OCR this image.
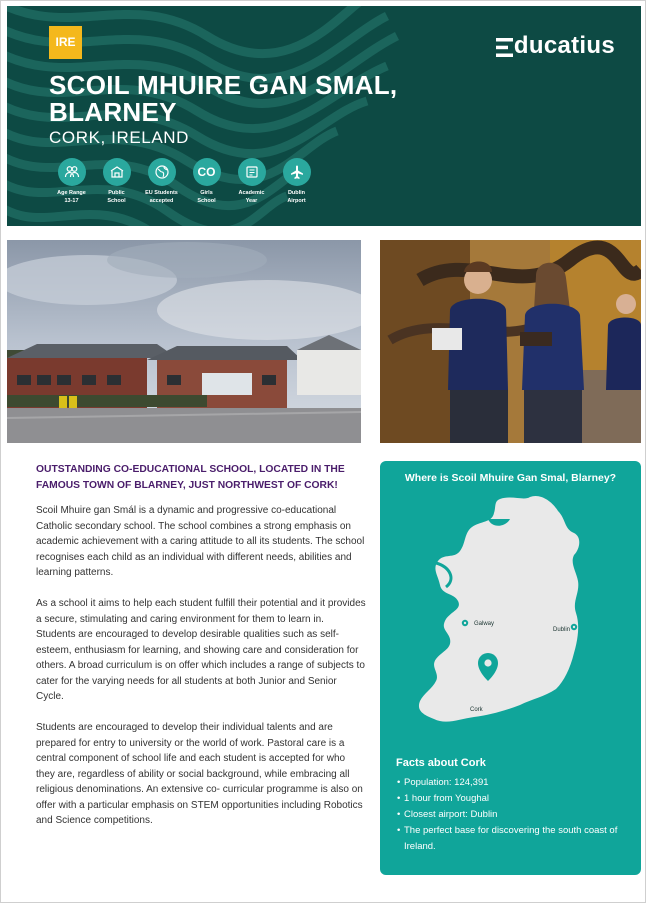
IRE
SCOIL MHUIRE GAN SMAL, BLARNEY
CORK, IRELAND
ducatius
Age Range
13-17
Public
School
EU Students
accepted
CO
Girls
School
Academic
Year
Dublin
Airport
OUTSTANDING CO-EDUCATIONAL SCHOOL, LOCATED IN THE FAMOUS TOWN OF BLARNEY, JUST NORTHWEST OF CORK!

Scoil Mhuire gan Smál is a dynamic and progressive co-educational Catholic secondary school. The school combines a strong emphasis on academic achievement with a caring attitude to all its students. The school recognises each child as an individual with different needs, abilities and learning patterns.

As a school it aims to help each student fulfill their potential and it provides a secure, stimulating and caring environment for them to learn in. Students are encouraged to develop desirable qualities such as self- esteem, enthusiasm for learning, and showing care and consideration for others. A broad curriculum is on offer which includes a range of subjects to cater for the varying needs for all students at both Junior and Senior Cycle.

Students are encouraged to develop their individual talents and are prepared for entry to university or the world of work. Pastoral care is a central component of school life and each student is accepted for who they are, regardless of ability or social background, while embracing all religious denominations. An extensive co- curricular programme is also on offer with a particular emphasis on STEM opportunities including Robotics and Science competitions.

Where is Scoil Mhuire Gan Smal, Blarney?
Galway
Dublin
Cork
Facts about Cork
• Population: 124,391
• 1 hour from Youghal
• Closest airport: Dublin
• The perfect base for discovering the south coast of Ireland.
